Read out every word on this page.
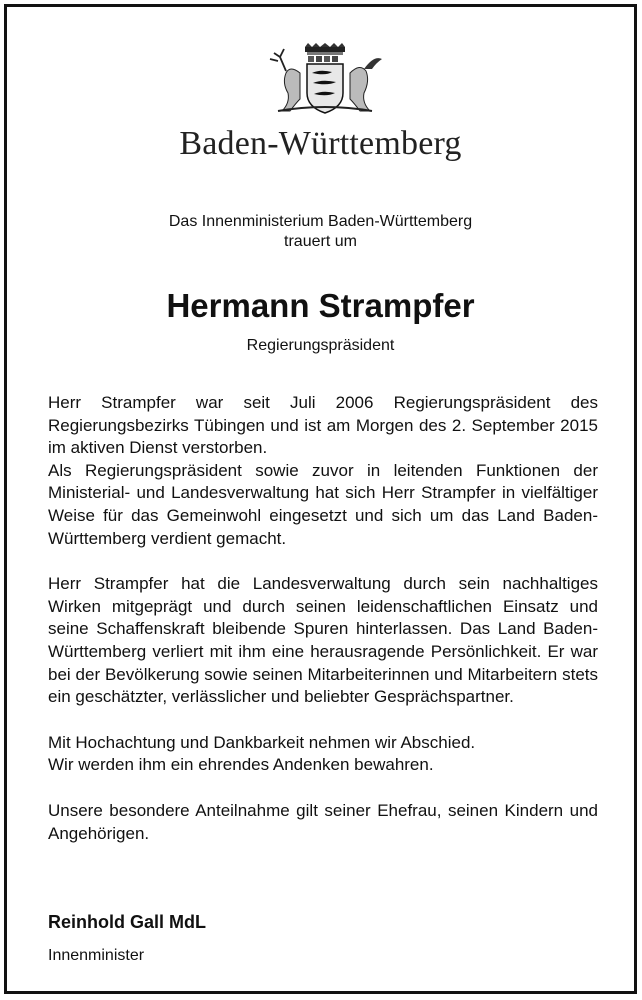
Baden-Württemberg
Das Innenministerium Baden-Württemberg
trauert um
Hermann Strampfer
Regierungspräsident

Herr Strampfer war seit Juli 2006 Regierungspräsident des Regierungsbezirks Tübingen und ist am Morgen des 2. September 2015 im aktiven Dienst verstorben.

Als Regierungspräsident sowie zuvor in leitenden Funktionen der Ministerial- und Landesverwaltung hat sich Herr Strampfer in vielfältiger Weise für das Gemeinwohl eingesetzt und sich um das Land Baden-Württemberg verdient gemacht.

Herr Strampfer hat die Landesverwaltung durch sein nachhaltiges Wirken mitgeprägt und durch seinen leidenschaftlichen Einsatz und seine Schaffenskraft bleibende Spuren hinterlassen. Das Land Baden-Württemberg verliert mit ihm eine herausragende Persönlichkeit. Er war bei der Bevölkerung sowie seinen Mitarbeiterinnen und Mitarbeitern stets ein geschätzter, verlässlicher und beliebter Gesprächspartner.

Mit Hochachtung und Dankbarkeit nehmen wir Abschied.

Wir werden ihm ein ehrendes Andenken bewahren.

Unsere besondere Anteilnahme gilt seiner Ehefrau, seinen Kindern und Angehörigen.

Reinhold Gall MdL
Innenminister
